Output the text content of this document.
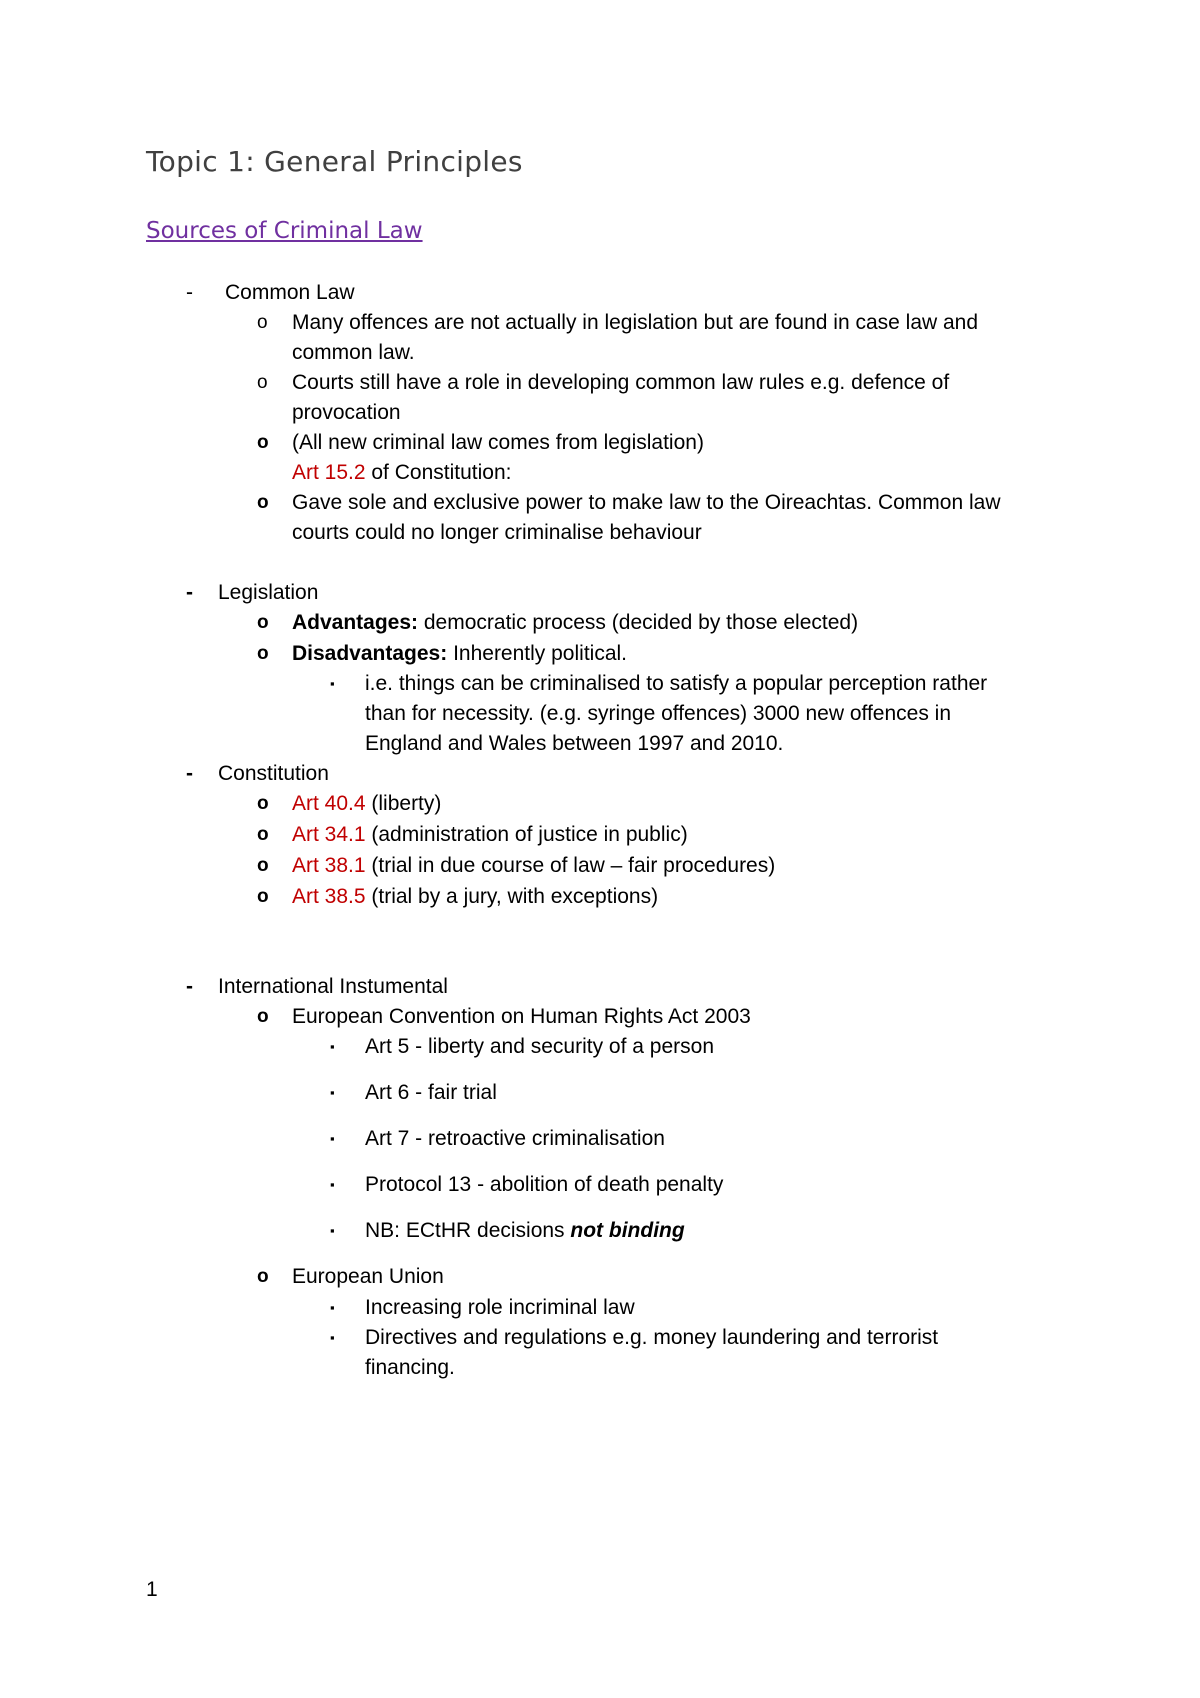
Topic 1: General Principles
Sources of Criminal Law
- Common Law
o Many offences are not actually in legislation but are found in case law and
common law.
o Courts still have a role in developing common law rules e.g. defence of
provocation
o (All new criminal law comes from legislation)
Art 15.2 of Constitution:
o Gave sole and exclusive power to make law to the Oireachtas. Common law
courts could no longer criminalise behaviour
- Legislation
o Advantages: democratic process (decided by those elected)
o Disadvantages: Inherently political.
▪ i.e. things can be criminalised to satisfy a popular perception rather
than for necessity. (e.g. syringe offences) 3000 new offences in
England and Wales between 1997 and 2010.
- Constitution
o Art 40.4 (liberty)
o Art 34.1 (administration of justice in public)
o Art 38.1 (trial in due course of law – fair procedures)
o Art 38.5 (trial by a jury, with exceptions)
- International Instumental
o European Convention on Human Rights Act 2003
▪ Art 5 - liberty and security of a person
▪ Art 6 - fair trial
▪ Art 7 - retroactive criminalisation
▪ Protocol 13 - abolition of death penalty
▪ NB: ECtHR decisions not binding
o European Union
▪ Increasing role incriminal law
▪ Directives and regulations e.g. money laundering and terrorist
financing.
1
